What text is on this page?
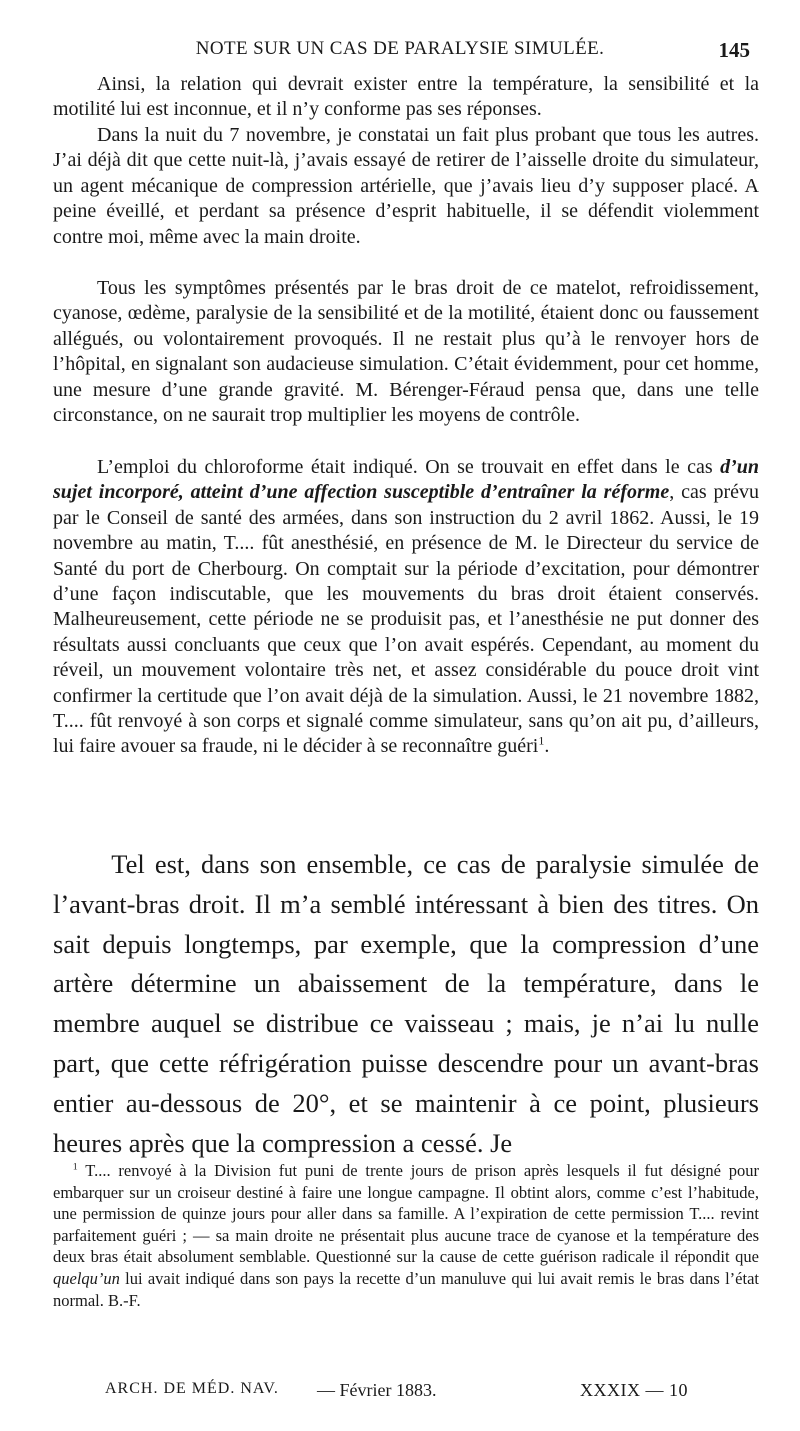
NOTE SUR UN CAS DE PARALYSIE SIMULÉE.	145

Ainsi, la relation qui devrait exister entre la température, la sensibilité et la motilité lui est inconnue, et il n’y conforme pas ses réponses.

Dans la nuit du 7 novembre, je constatai un fait plus probant que tous les autres. J’ai déjà dit que cette nuit-là, j’avais essayé de retirer de l’aisselle droite du simulateur, un agent mécanique de compression artérielle, que j’avais lieu d’y supposer placé. A peine éveillé, et perdant sa présence d’esprit habituelle, il se défendit violemment contre moi, même avec la main droite.

Tous les symptômes présentés par le bras droit de ce matelot, refroidissement, cyanose, œdème, paralysie de la sensibilité et de la motilité, étaient donc ou faussement allégués, ou volontairement provoqués. Il ne restait plus qu’à le renvoyer hors de l’hôpital, en signalant son audacieuse simulation. C’était évidemment, pour cet homme, une mesure d’une grande gravité. M. Bérenger-Féraud pensa que, dans une telle circonstance, on ne saurait trop multiplier les moyens de contrôle.

L’emploi du chloroforme était indiqué. On se trouvait en effet dans le cas d’un sujet incorporé, atteint d’une affection susceptible d’entraîner la réforme, cas prévu par le Conseil de santé des armées, dans son instruction du 2 avril 1862. Aussi, le 19 novembre au matin, T.... fût anesthésié, en présence de M. le Directeur du service de Santé du port de Cherbourg. On comptait sur la période d’excitation, pour démontrer d’une façon indiscutable, que les mouvements du bras droit étaient conservés. Malheureusement, cette période ne se produisit pas, et l’anesthésie ne put donner des résultats aussi concluants que ceux que l’on avait espérés. Cependant, au moment du réveil, un mouvement volontaire très net, et assez considérable du pouce droit vint confirmer la certitude que l’on avait déjà de la simulation. Aussi, le 21 novembre 1882, T.... fût renvoyé à son corps et signalé comme simulateur, sans qu’on ait pu, d’ailleurs, lui faire avouer sa fraude, ni le décider à se reconnaître guéri$^1$.

Tel est, dans son ensemble, ce cas de paralysie simulée de l’avant-bras droit. Il m’a semblé intéressant à bien des titres. On sait depuis longtemps, par exemple, que la compression d’une artère détermine un abaissement de la température, dans le membre auquel se distribue ce vaisseau ; mais, je n’ai lu nulle part, que cette réfrigération puisse descendre pour un avant-bras entier au-dessous de 20°, et se maintenir à ce point, plusieurs heures après que la compression a cessé. Je

$^1$ T.... renvoyé à la Division fut puni de trente jours de prison après lesquels il fut désigné pour embarquer sur un croiseur destiné à faire une longue campagne. Il obtint alors, comme c’est l’habitude, une permission de quinze jours pour aller dans sa famille. A l’expiration de cette permission T.... revint parfaitement guéri ; — sa main droite ne présentait plus aucune trace de cyanose et la température des deux bras était absolument semblable. Questionné sur la cause de cette guérison radicale il répondit que quelqu’un lui avait indiqué dans son pays la recette d’un manuluve qui lui avait remis le bras dans l’état normal. B.-F.

ARCH. DE MÉD. NAV. — Février 1883.	XXXIX — 10
